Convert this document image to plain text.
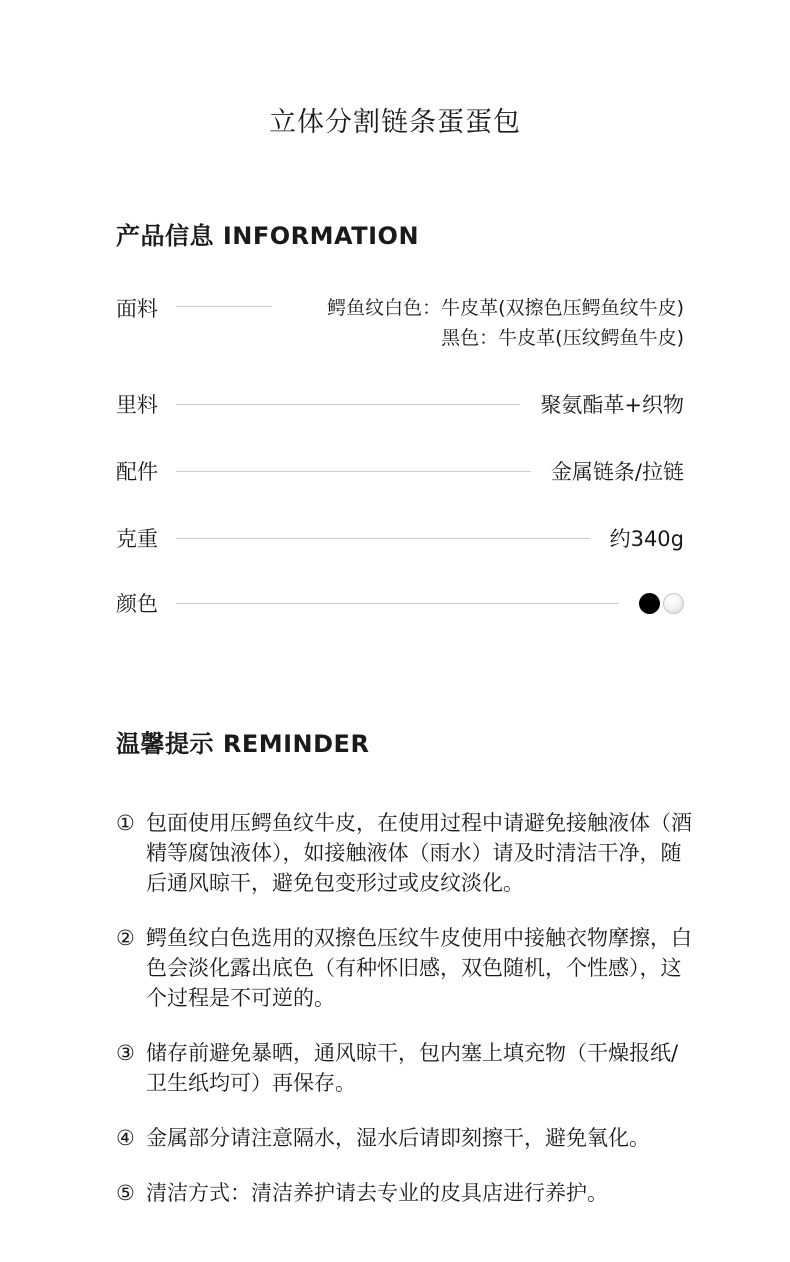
立体分割链条蛋蛋包
产品信息 INFORMATION
面料	鳄鱼纹白色：牛皮革(双擦色压鳄鱼纹牛皮)
黑色：牛皮革(压纹鳄鱼牛皮)
里料	聚氨酯革+织物
配件	金属链条/拉链
克重	约340g
颜色
温馨提示 REMINDER
① 包面使用压鳄鱼纹牛皮，在使用过程中请避免接触液体（酒精等腐蚀液体），如接触液体（雨水）请及时清洁干净，随后通风晾干，避免包变形过或皮纹淡化。
② 鳄鱼纹白色选用的双擦色压纹牛皮使用中接触衣物摩擦，白色会淡化露出底色（有种怀旧感，双色随机，个性感），这个过程是不可逆的。
③ 储存前避免暴晒，通风晾干，包内塞上填充物（干燥报纸/卫生纸均可）再保存。
④ 金属部分请注意隔水，湿水后请即刻擦干，避免氧化。
⑤ 清洁方式：清洁养护请去专业的皮具店进行养护。
